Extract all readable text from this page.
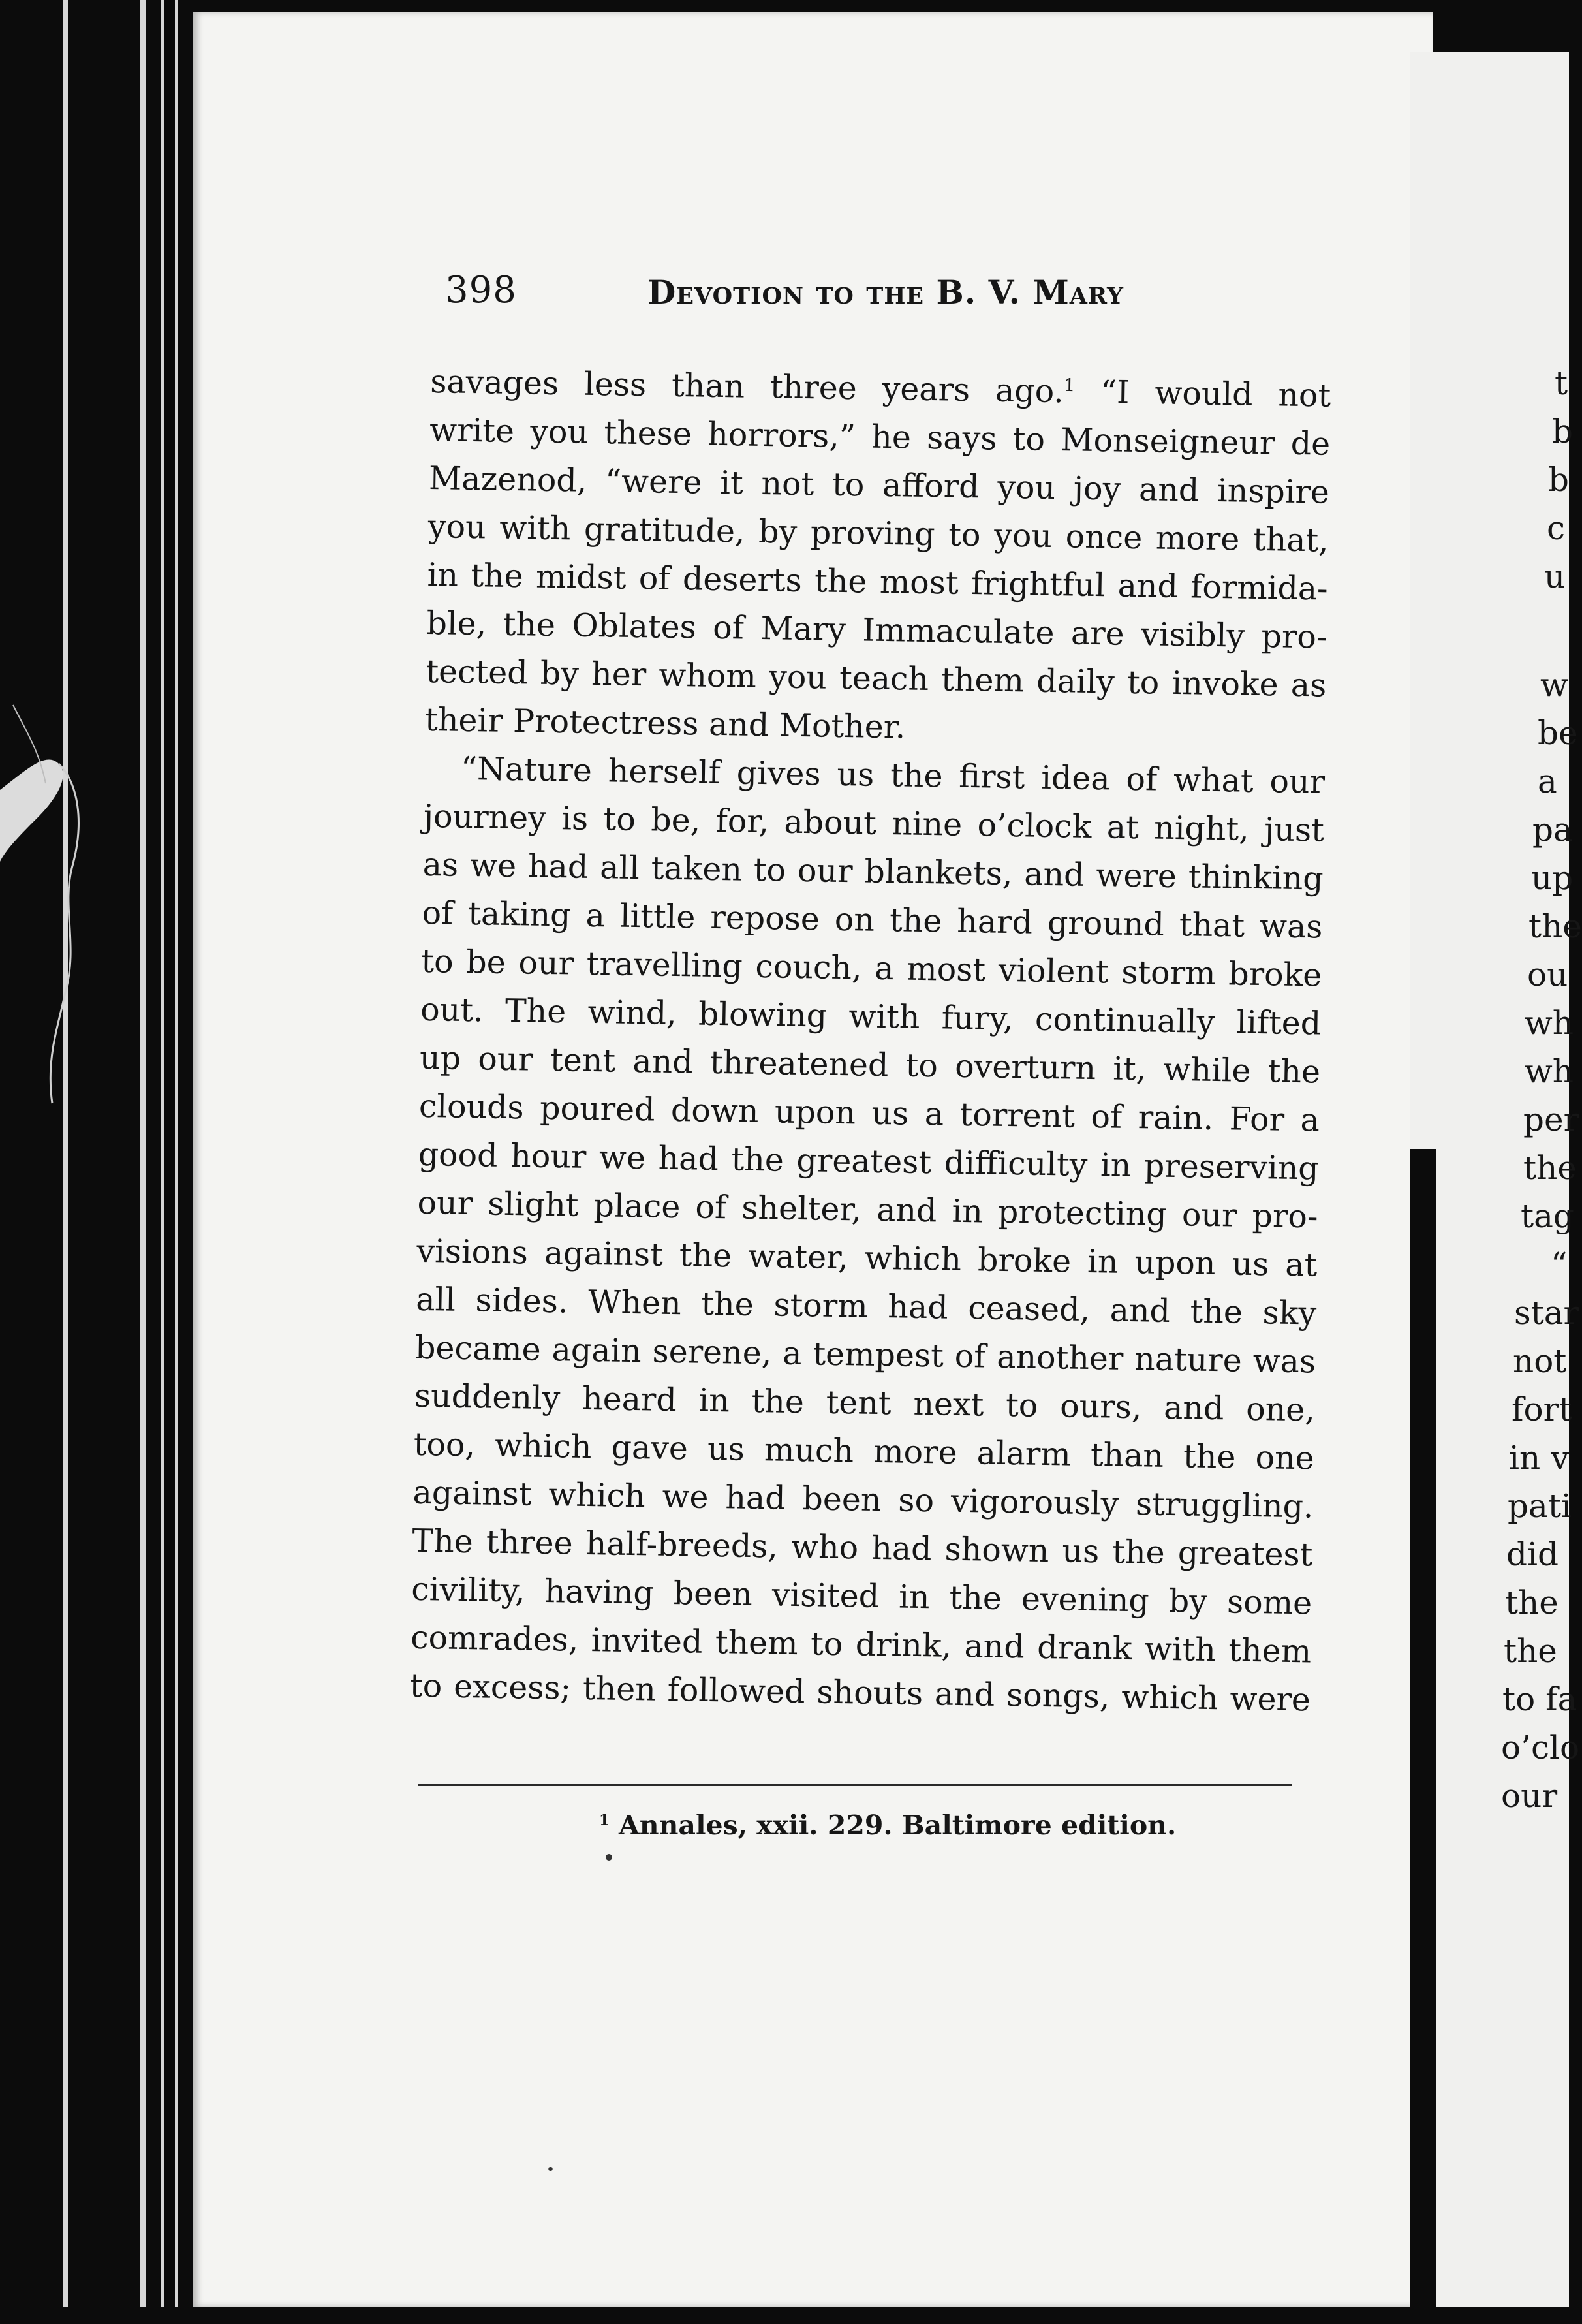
398	Devotion to the B. V. Mary
savages less than three years ago.$^1$ “I would not
write you these horrors,” he says to Monseigneur de
Mazenod, “were it not to afford you joy and inspire
you with gratitude, by proving to you once more that,
in the midst of deserts the most frightful and formida-
ble, the Oblates of Mary Immaculate are visibly pro-
tected by her whom you teach them daily to invoke as
their Protectress and Mother.
“Nature herself gives us the first idea of what our
journey is to be, for, about nine o’clock at night, just
as we had all taken to our blankets, and were thinking
of taking a little repose on the hard ground that was
to be our travelling couch, a most violent storm broke
out. The wind, blowing with fury, continually lifted
up our tent and threatened to overturn it, while the
clouds poured down upon us a torrent of rain. For a
good hour we had the greatest difficulty in preserving
our slight place of shelter, and in protecting our pro-
visions against the water, which broke in upon us at
all sides. When the storm had ceased, and the sky
became again serene, a tempest of another nature was
suddenly heard in the tent next to ours, and one,
too, which gave us much more alarm than the one
against which we had been so vigorously struggling.
The three half-breeds, who had shown us the greatest
civility, having been visited in the evening by some
comrades, invited them to drink, and drank with them
to excess; then followed shouts and songs, which were
$^1$ Annales, xxii. 229. Baltimore edition.
t
b
b
c
u
w
be
a
pa
up
the
ou
wh
wh
per
the
tag
“
star
not
fort
in v
pati
did
the
the
to fa
o’clo
our
